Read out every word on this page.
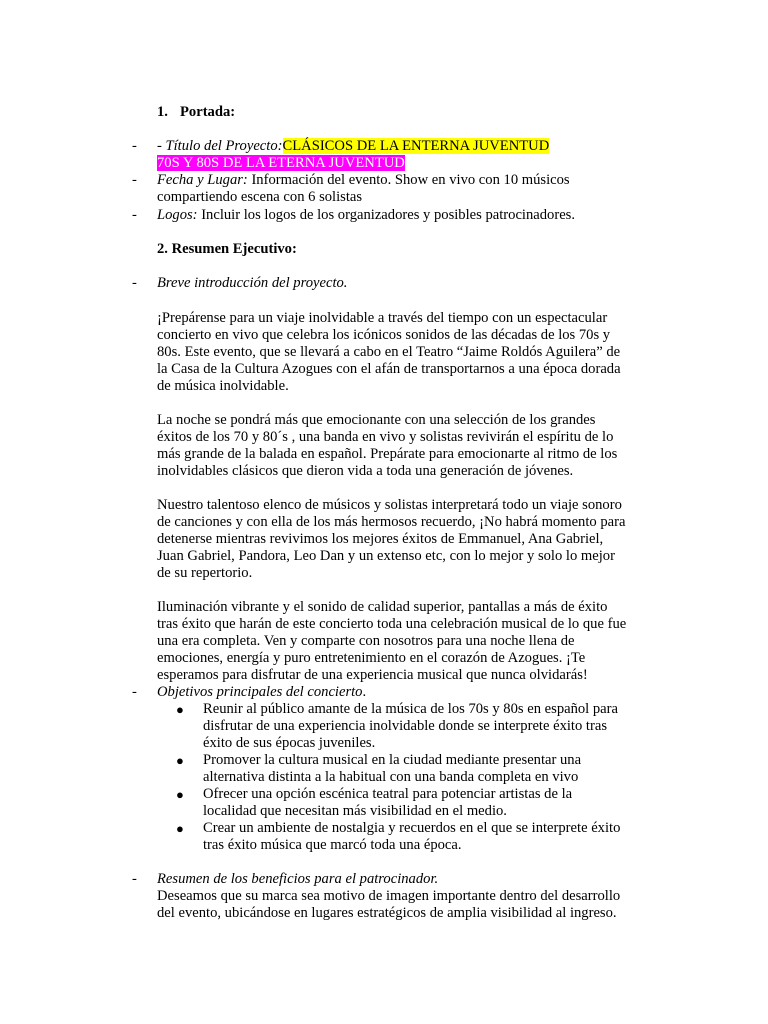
1. Portada:
- - Título del Proyecto:CLÁSICOS DE LA ENTERNA JUVENTUD
70S Y 80S DE LA ETERNA JUVENTUD
- Fecha y Lugar: Información del evento. Show en vivo con 10 músicos
compartiendo escena con 6 solistas
- Logos: Incluir los logos de los organizadores y posibles patrocinadores.
2. Resumen Ejecutivo:
- Breve introducción del proyecto.
¡Prepárense para un viaje inolvidable a través del tiempo con un espectacular
concierto en vivo que celebra los icónicos sonidos de las décadas de los 70s y
80s. Este evento, que se llevará a cabo en el Teatro “Jaime Roldós Aguilera” de
la Casa de la Cultura Azogues con el afán de transportarnos a una época dorada
de música inolvidable.
La noche se pondrá más que emocionante con una selección de los grandes
éxitos de los 70 y 80´s , una banda en vivo y solistas revivirán el espíritu de lo
más grande de la balada en español. Prepárate para emocionarte al ritmo de los
inolvidables clásicos que dieron vida a toda una generación de jóvenes.
Nuestro talentoso elenco de músicos y solistas interpretará todo un viaje sonoro
de canciones y con ella de los más hermosos recuerdo, ¡No habrá momento para
detenerse mientras revivimos los mejores éxitos de Emmanuel, Ana Gabriel,
Juan Gabriel, Pandora, Leo Dan y un extenso etc, con lo mejor y solo lo mejor
de su repertorio.
Iluminación vibrante y el sonido de calidad superior, pantallas a más de éxito
tras éxito que harán de este concierto toda una celebración musical de lo que fue
una era completa. Ven y comparte con nosotros para una noche llena de
emociones, energía y puro entretenimiento en el corazón de Azogues. ¡Te
esperamos para disfrutar de una experiencia musical que nunca olvidarás!
- Objetivos principales del concierto.
● Reunir al público amante de la música de los 70s y 80s en español para
disfrutar de una experiencia inolvidable donde se interprete éxito tras
éxito de sus épocas juveniles.
● Promover la cultura musical en la ciudad mediante presentar una
alternativa distinta a la habitual con una banda completa en vivo
● Ofrecer una opción escénica teatral para potenciar artistas de la
localidad que necesitan más visibilidad en el medio.
● Crear un ambiente de nostalgia y recuerdos en el que se interprete éxito
tras éxito música que marcó toda una época.
- Resumen de los beneficios para el patrocinador.
Deseamos que su marca sea motivo de imagen importante dentro del desarrollo
del evento, ubicándose en lugares estratégicos de amplia visibilidad al ingreso.
